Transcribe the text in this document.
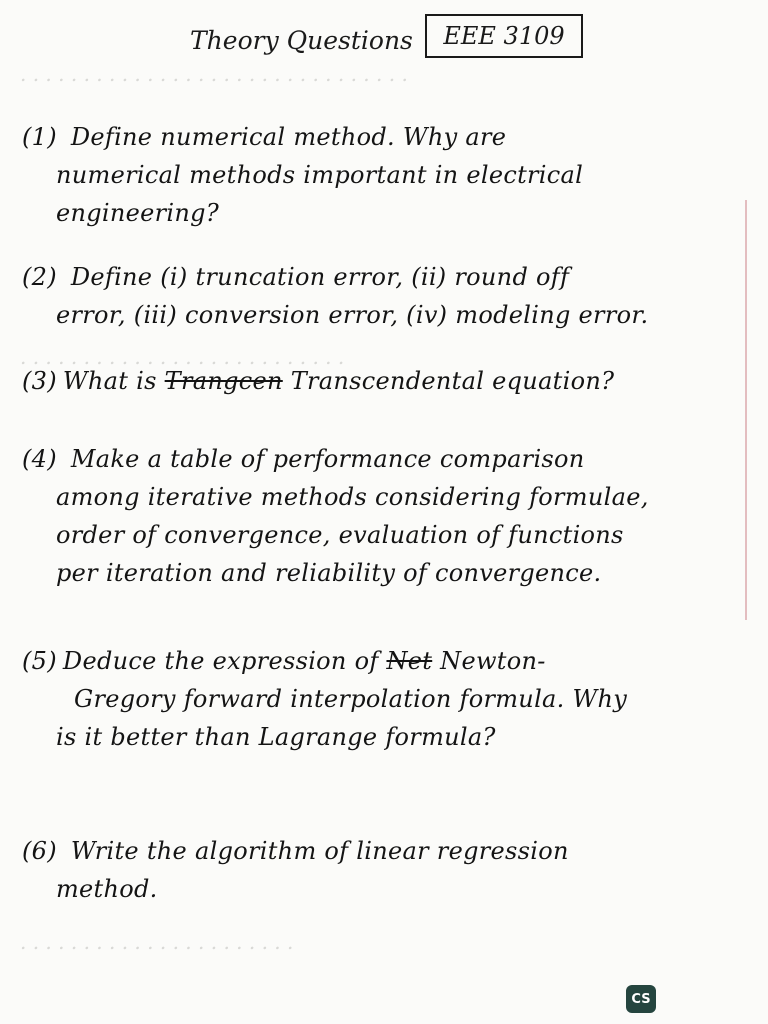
. . . . . . . . . . . . . . . . . . . . . . . . . . . . . . .
. . . . . . . . . . . . . . . . . . . . . . . . . .
. . . . . . . . . . . . . . . . . . . . . .
Theory Questions EEE 3109
(1) Define numerical method. Why are
numerical methods important in electrical
engineering?
(2) Define (i) truncation error, (ii) round off
error, (iii) conversion error, (iv) modeling error.
(3) What is Trangcen Transcendental equation?
(4) Make a table of performance comparison
among iterative methods considering formulae,
order of convergence, evaluation of functions
per iteration and reliability of convergence.
(5) Deduce the expression of Net Newton-
Gregory forward interpolation formula. Why
is it better than Lagrange formula?
(6) Write the algorithm of linear regression
method.
CS
